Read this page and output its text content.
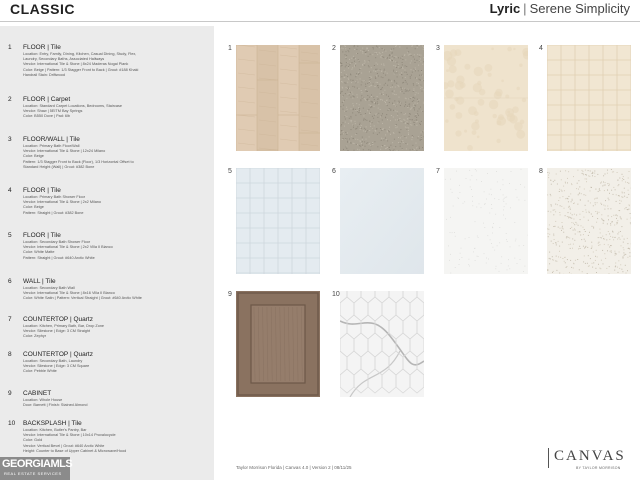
CLASSIC	Lyric | Serene Simplicity
1	FLOOR | Tile
Location: Entry, Family, Dining, Kitchen, Casual Dining, Study, Flex,
Laundry, Secondary Baths, Associated Hallways
Vendor: International Tile & Stone | 8x24 Maderas Nogal Plank
Color: Beige | Pattern: 1/3 Stagger Front to Back | Grout: #188 Khaki
Handrail Stain: Driftwood
2	FLOOR | Carpet
Location: Standard Carpet Locations, Bedrooms, Staircase
Vendor: Shaw | 5EITM Bay Springs
Color: B550 Dove | Pad: 6lb
3	FLOOR/WALL | Tile
Location: Primary Bath Floor/Wall
Vendor: International Tile & Stone | 12x24 Milano
Color: Beige
Pattern: 1/3 Stagger Front to Back (Floor), 1/3 Horizontal Offset to
Standard Height (Wall) | Grout: #382 Bone
4	FLOOR | Tile
Location: Primary Bath Shower Floor
Vendor: International Tile & Stone | 2x2 Milano
Color: Beige
Pattern: Straight | Grout: #382 Bone
5	FLOOR | Tile
Location: Secondary Bath Shower Floor
Vendor: International Tile & Stone | 2x2 Villa II Bianco
Color: White Matte
Pattern: Straight | Grout: #640 Arctic White
6	WALL | Tile
Location: Secondary Bath Wall
Vendor: International Tile & Stone | 8x16 Villa II Bianco
Color: White Satin | Pattern: Vertical Straight | Grout: #640 Arctic White
7	COUNTERTOP | Quartz
Location: Kitchen, Primary Bath, Bar, Drop Zone
Vendor: Silestone | Edge: 3 CM Straight
Color: Zephyr
8	COUNTERTOP | Quartz
Location: Secondary Bath, Laundry
Vendor: Silestone | Edge: 3 CM Square
Color: Pebble White
9	CABINET
Location: Whole House
Door: Barnett | Finish: Stained Almond
10	BACKSPLASH | Tile
Location: Kitchen, Butler's Pantry, Bar
Vendor: International Tile & Stone | 10x14 Provalocycle
Color: Gold
Vendor: Vertical Bevel | Grout: #640 Arctic White
Height: Counter to Base of Upper Cabinet & Microwave/Hood
1	2	3	4
5	6	7	8
9	10
Taylor Morrison Florida | Canvas 4.0 | Version 2 | 08/11/25
CANVAS
BY TAYLOR MORRISON
GEORGIAMLS
REAL ESTATE SERVICES
